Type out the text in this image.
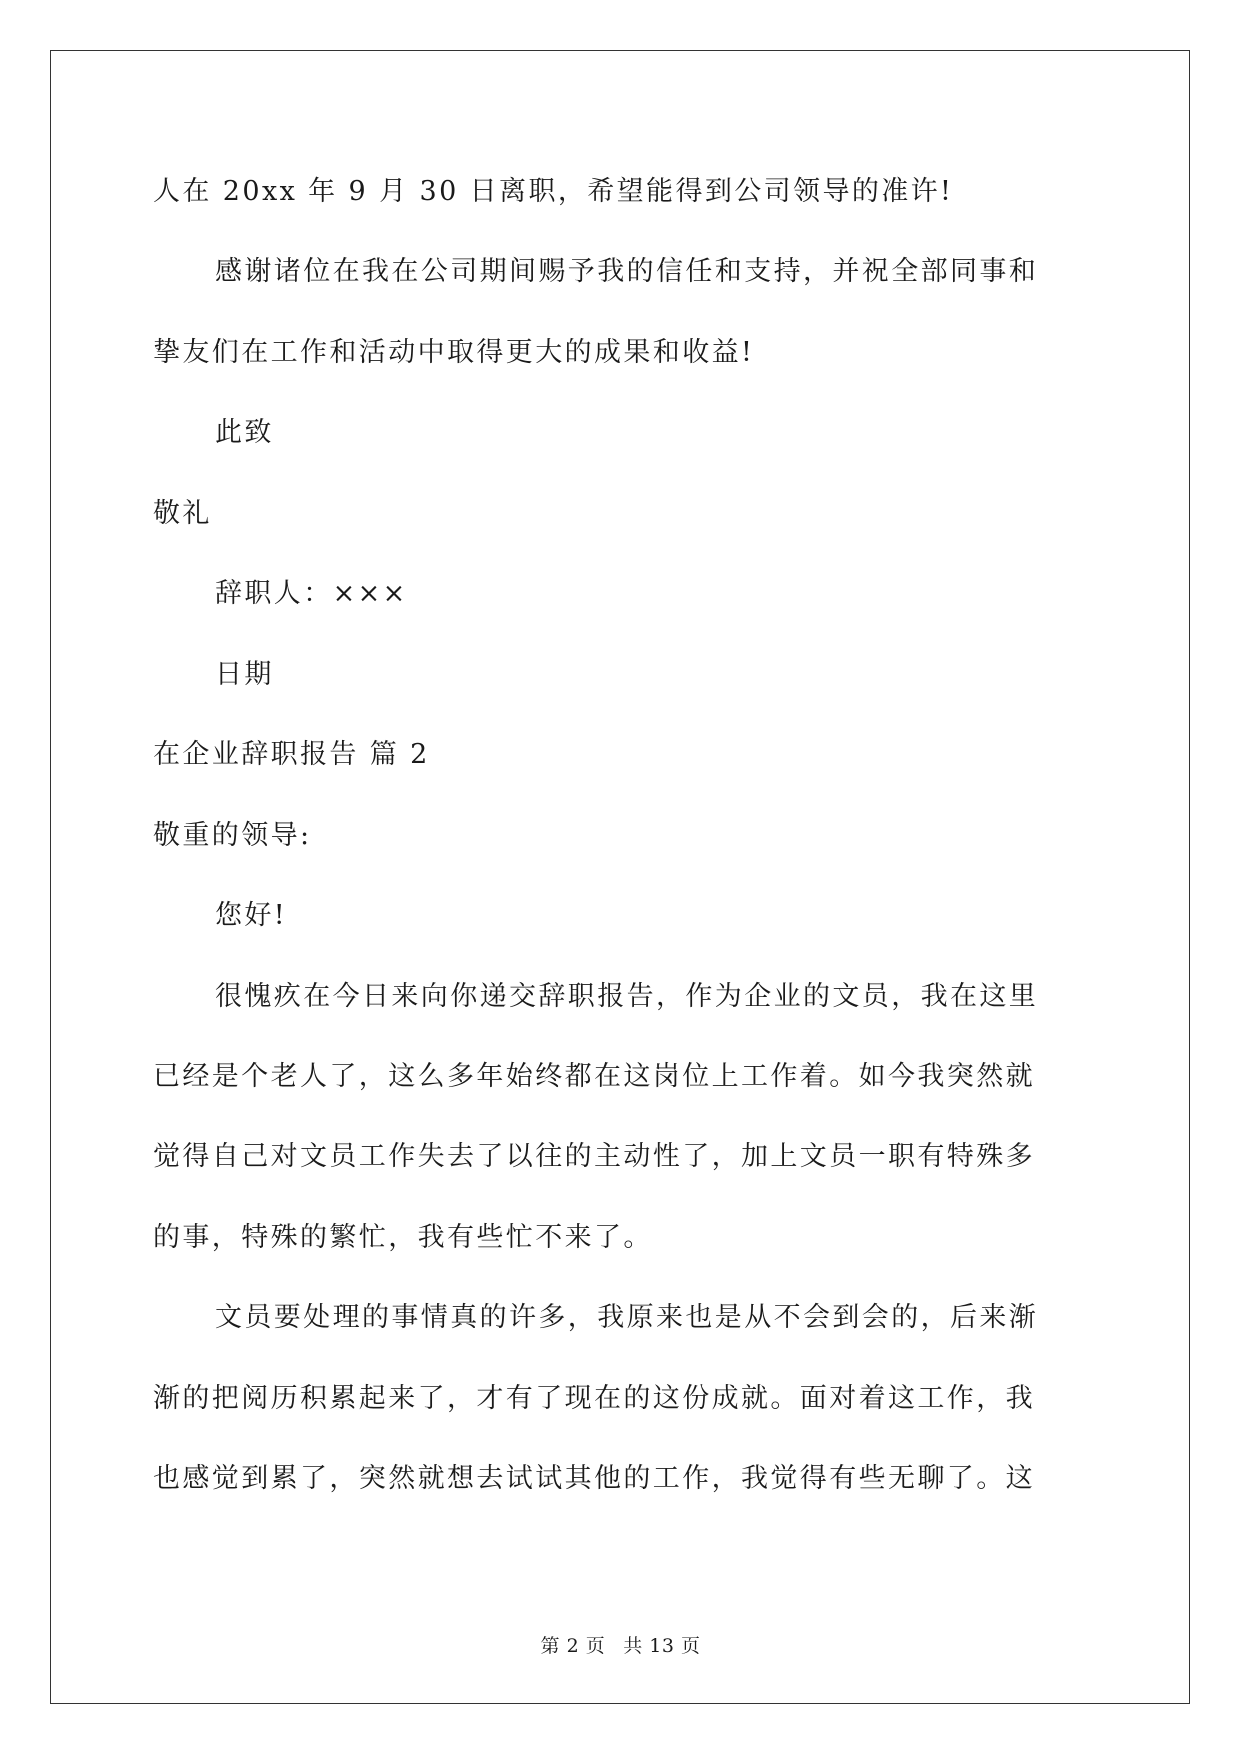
人在 20xx 年 9 月 30 日离职，希望能得到公司领导的准许!
感谢诸位在我在公司期间赐予我的信任和支持，并祝全部同事和
挚友们在工作和活动中取得更大的成果和收益!
此致
敬礼
辞职人：×××
日期
在企业辞职报告 篇 2
敬重的领导:
您好!
很愧疚在今日来向你递交辞职报告，作为企业的文员，我在这里
已经是个老人了，这么多年始终都在这岗位上工作着。如今我突然就
觉得自己对文员工作失去了以往的主动性了，加上文员一职有特殊多
的事，特殊的繁忙，我有些忙不来了。
文员要处理的事情真的许多，我原来也是从不会到会的，后来渐
渐的把阅历积累起来了，才有了现在的这份成就。面对着这工作，我
也感觉到累了，突然就想去试试其他的工作，我觉得有些无聊了。这
第 2 页 共 13 页
